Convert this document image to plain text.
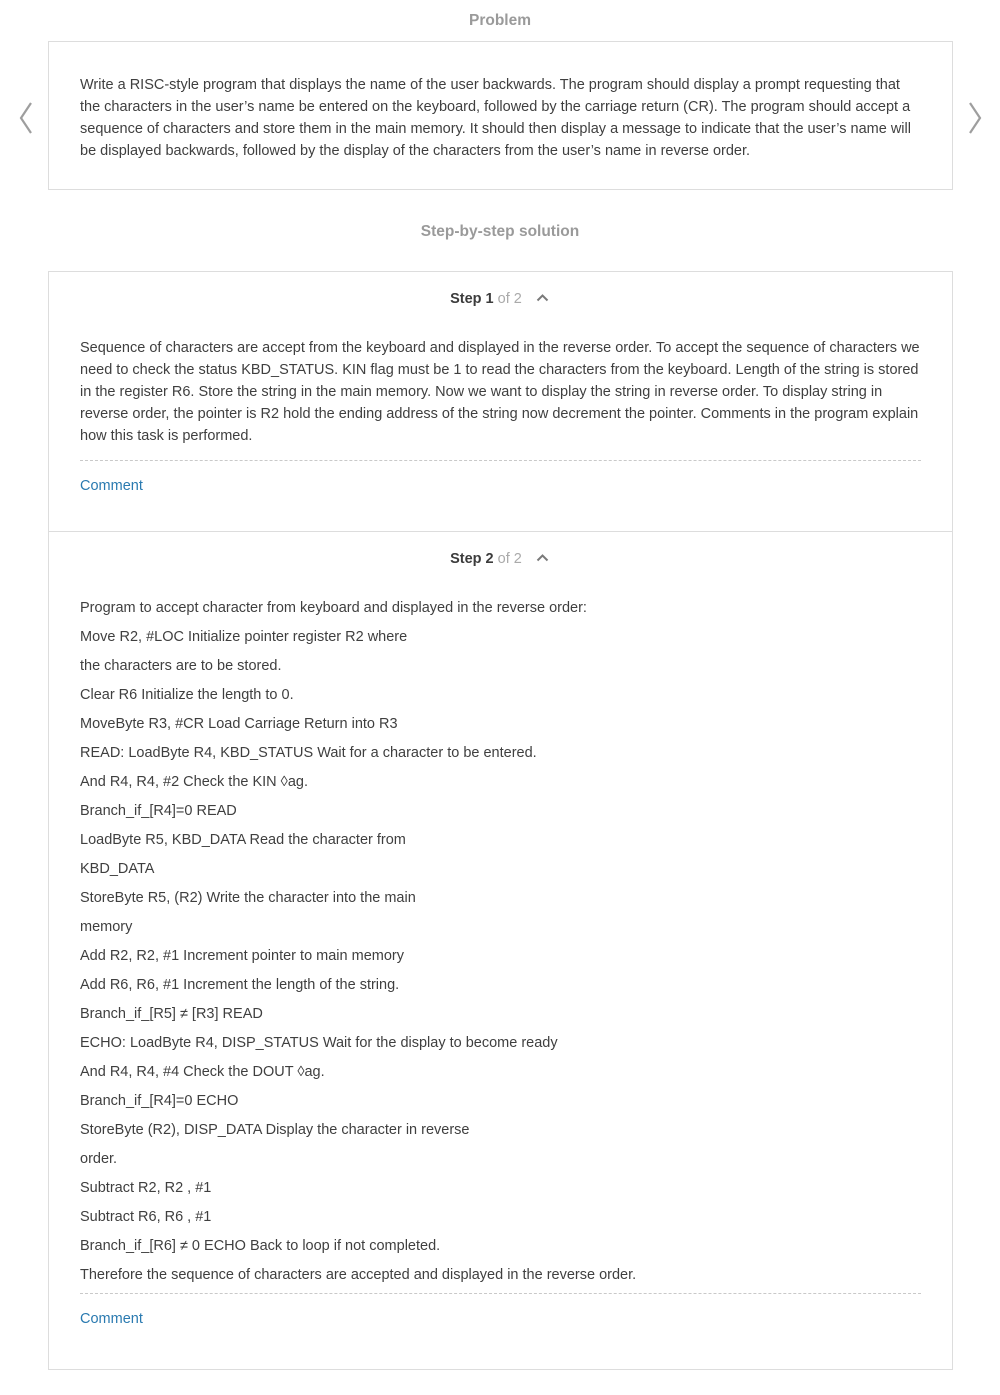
Problem

Write a RISC-style program that displays the name of the user backwards. The program should display a prompt requesting that the characters in the user’s name be entered on the keyboard, followed by the carriage return (CR). The program should accept a sequence of characters and store them in the main memory. It should then display a message to indicate that the user’s name will be displayed backwards, followed by the display of the characters from the user’s name in reverse order.

Step-by-step solution
Step 1 of 2

Sequence of characters are accept from the keyboard and displayed in the reverse order. To accept the sequence of characters we need to check the status KBD_STATUS. KIN flag must be 1 to read the characters from the keyboard. Length of the string is stored in the register R6. Store the string in the main memory. Now we want to display the string in reverse order. To display string in reverse order, the pointer is R2 hold the ending address of the string now decrement the pointer. Comments in the program explain how this task is performed.

Comment
Step 2 of 2

Program to accept character from keyboard and displayed in the reverse order:

Move R2, #LOC Initialize pointer register R2 where

the characters are to be stored.

Clear R6 Initialize the length to 0.

MoveByte R3, #CR Load Carriage Return into R3

READ: LoadByte R4, KBD_STATUS Wait for a character to be entered.

And R4, R4, #2 Check the KIN ◊ag.

Branch_if_[R4]=0 READ

LoadByte R5, KBD_DATA Read the character from

KBD_DATA

StoreByte R5, (R2) Write the character into the main

memory

Add R2, R2, #1 Increment pointer to main memory

Add R6, R6, #1 Increment the length of the string.

Branch_if_[R5] ≠ [R3] READ

ECHO: LoadByte R4, DISP_STATUS Wait for the display to become ready

And R4, R4, #4 Check the DOUT ◊ag.

Branch_if_[R4]=0 ECHO

StoreByte (R2), DISP_DATA Display the character in reverse

order.

Subtract R2, R2 , #1

Subtract R6, R6 , #1

Branch_if_[R6] ≠ 0 ECHO Back to loop if not completed.

Therefore the sequence of characters are accepted and displayed in the reverse order.

Comment
